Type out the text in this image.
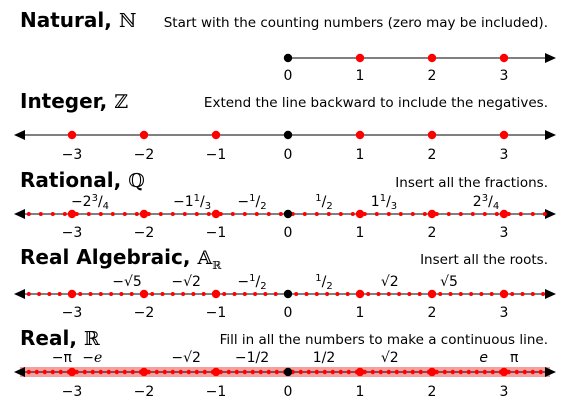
Natural, ℕ Start with the counting numbers (zero may be included).
Integer, ℤ	Extend the line backward to include the negatives.
Rational, ℚ	Insert all the fractions.
Real Algebraic, 𝔸$_ℝ$	Insert all the roots.
Real, ℝ	Fill in all the numbers to make a continuous line.
0	1	2	3
−3	−2	−1	0	1	2	3
−3	−2	−1	0	1	2	3
$-2^3/_4$	$-1^1/_3 -^1/_2$
$^1/_2$	$1^1/_3$	$2^3/_4$
−3	−2	−1	0	1	2	3
−√5 −√2	$-^1/_2$
$^1/_2$	√2	√5
−3	−2	−1	0	1	2	3
−π −e	−√2 −1/2	1/2	√2	e π
